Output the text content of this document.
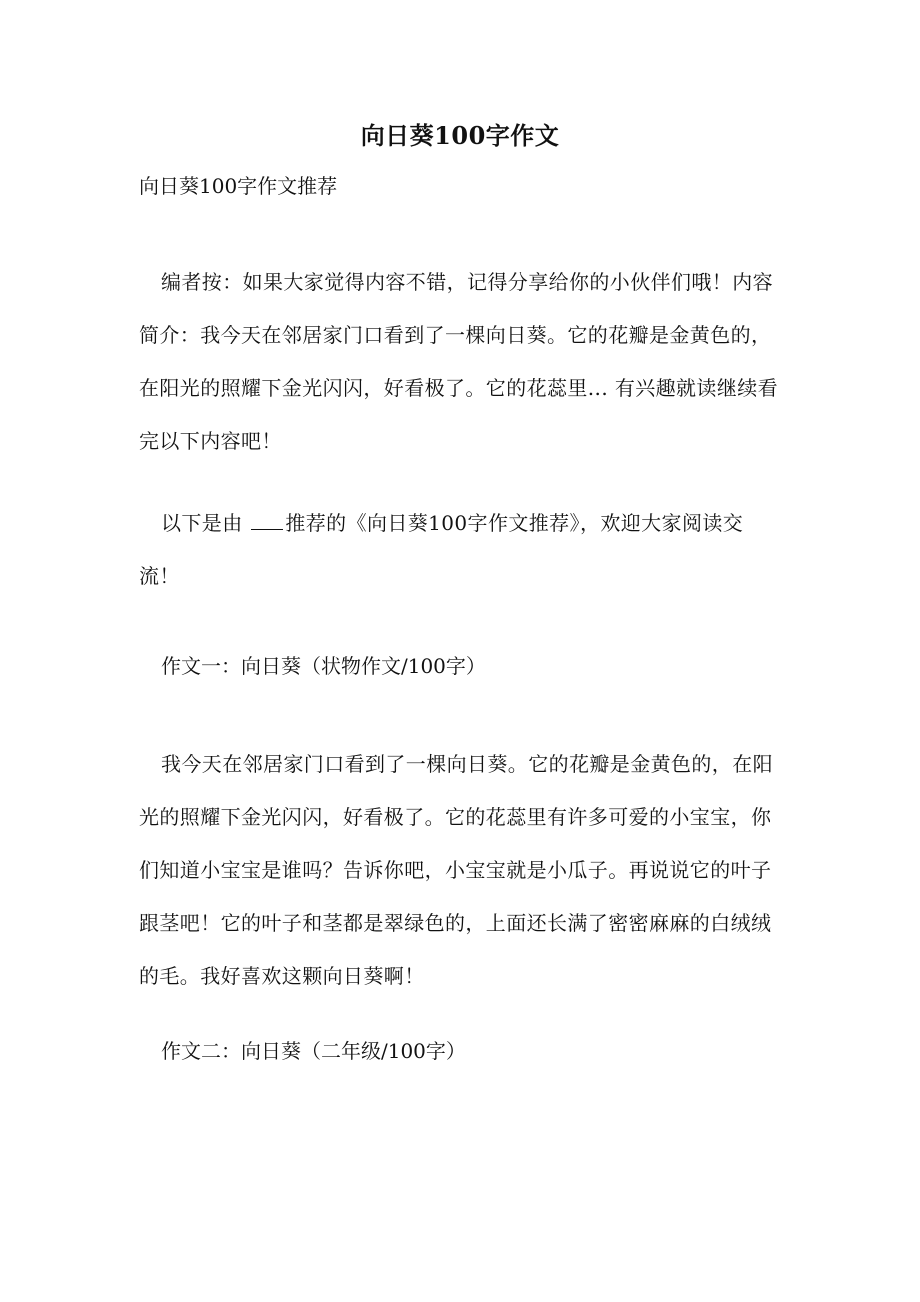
向日葵100字作文
向日葵100字作文推荐
编者按：如果大家觉得内容不错，记得分享给你的小伙伴们哦！内容简介：我今天在邻居家门口看到了一棵向日葵。它的花瓣是金黄色的，在阳光的照耀下金光闪闪，好看极了。它的花蕊里... 有兴趣就读继续看完以下内容吧！
以下是由 推荐的《向日葵100字作文推荐》，欢迎大家阅读交流！
作文一：向日葵（状物作文/100字）
我今天在邻居家门口看到了一棵向日葵。它的花瓣是金黄色的，在阳光的照耀下金光闪闪，好看极了。它的花蕊里有许多可爱的小宝宝，你们知道小宝宝是谁吗？告诉你吧，小宝宝就是小瓜子。再说说它的叶子跟茎吧！它的叶子和茎都是翠绿色的，上面还长满了密密麻麻的白绒绒的毛。我好喜欢这颗向日葵啊！
作文二：向日葵（二年级/100字）
